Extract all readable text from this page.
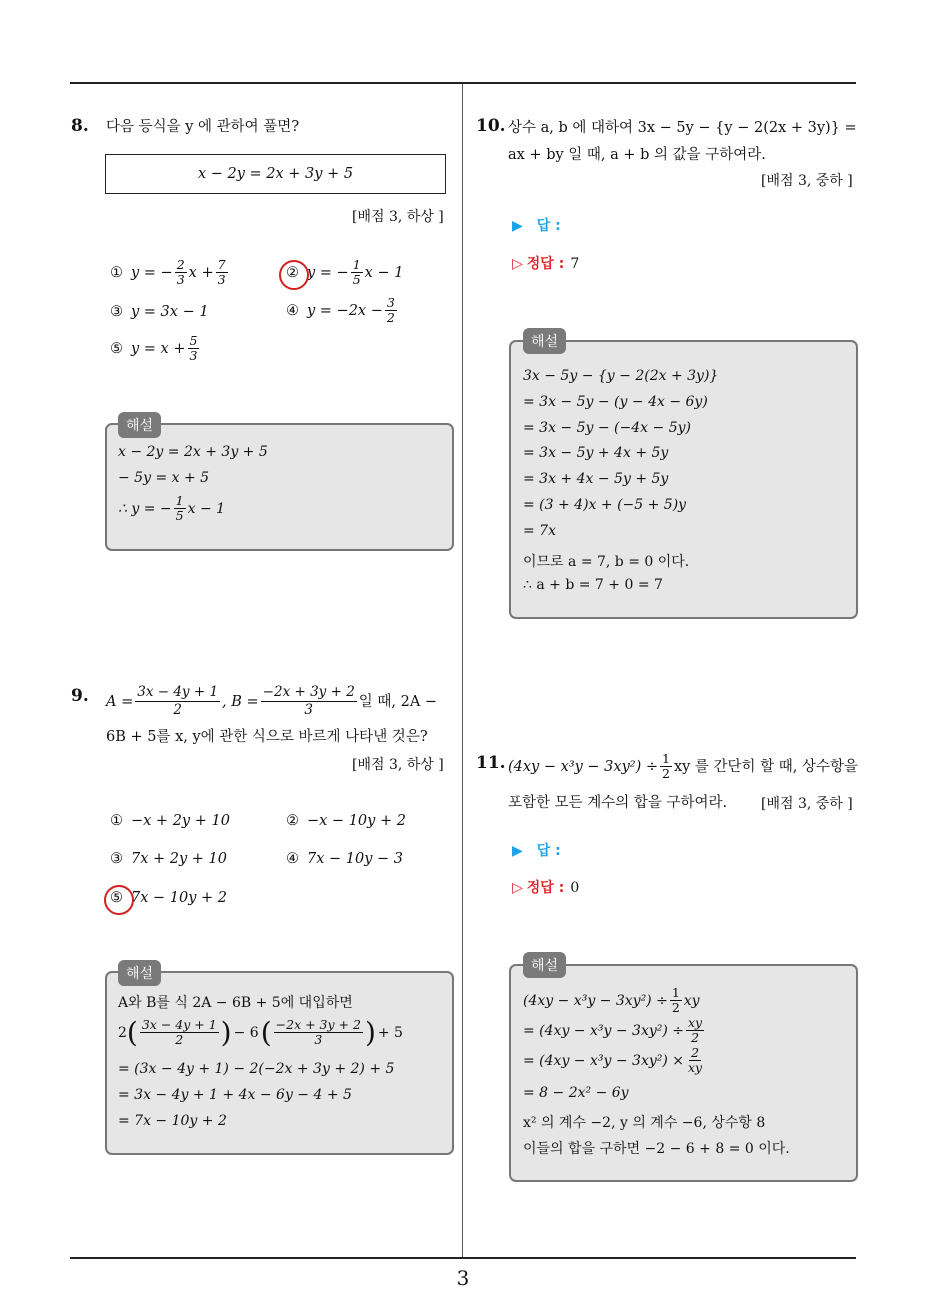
3
8. 다음 등식을 y 에 관하여 풀면?
x − 2y = 2x + 3y + 5
[배점 3, 하상 ]
① y = − $\frac{2}{3}$ $x + \frac{7}{3}$	② y = − $\frac{1}{5}$ x − 1
③ y = 3x − 1	④ $y = -2x - \frac{3}{2}$
⑤ $y = x + \frac{5}{3}$
해설
x − 2y = 2x + 3y + 5
− 5y = x + 5
∴ y = − $\frac{1}{5}$ x − 1
9. $A = \frac{3x - 4y + 1}{2}$ , $B = \frac{-2x + 3y + 2}{3}$ 일 때, 2A −
6B + 5를 x, y에 관한 식으로 바르게 나타낸 것은?
[배점 3, 하상 ]
① −x + 2y + 10	② −x − 10y + 2
③ 7x + 2y + 10	④ 7x − 10y − 3
⑤ 7x − 10y + 2
해설
A와 B를 식 2A − 6B + 5에 대입하면
2 ( $\frac{3x - 4y + 1}{2}$ ) − 6 ( $\frac{-2x + 3y + 2}{3}$ ) + 5
= (3x − 4y + 1) − 2(−2x + 3y + 2) + 5
= 3x − 4y + 1 + 4x − 6y − 4 + 5
= 7x − 10y + 2
10. 상수 a, b 에 대하여 3x − 5y − {y − 2(2x + 3y)} =
ax + by 일 때, a + b 의 값을 구하여라.
[배점 3, 중하 ]
▶ 답 :
▷ 정답 : 7
해설
3x − 5y − {y − 2(2x + 3y)}
= 3x − 5y − (y − 4x − 6y)
= 3x − 5y − (−4x − 5y)
= 3x − 5y + 4x + 5y
= 3x + 4x − 5y + 5y
= (3 + 4)x + (−5 + 5)y
= 7x
이므로 a = 7, b = 0 이다.
∴ a + b = 7 + 0 = 7
11. $(4xy - x^3y - 3xy^2) \div \frac{1}{2}$ xy 를 간단히 할 때, 상수항을
포함한 모든 계수의 합을 구하여라. [배점 3, 중하 ]
▶ 답 :
▷ 정답 : 0
해설
$(4xy - x^3y - 3xy^2) \div \frac{1}{2}$ xy
= $(4xy - x^3y - 3xy^2) \div \frac{xy}{2}$
= $(4xy - x^3y - 3xy^2) \times \frac{2}{xy}$
= 8 − 2x² − 6y
x² 의 계수 −2, y 의 계수 −6, 상수항 8
이들의 합을 구하면 −2 − 6 + 8 = 0 이다.
